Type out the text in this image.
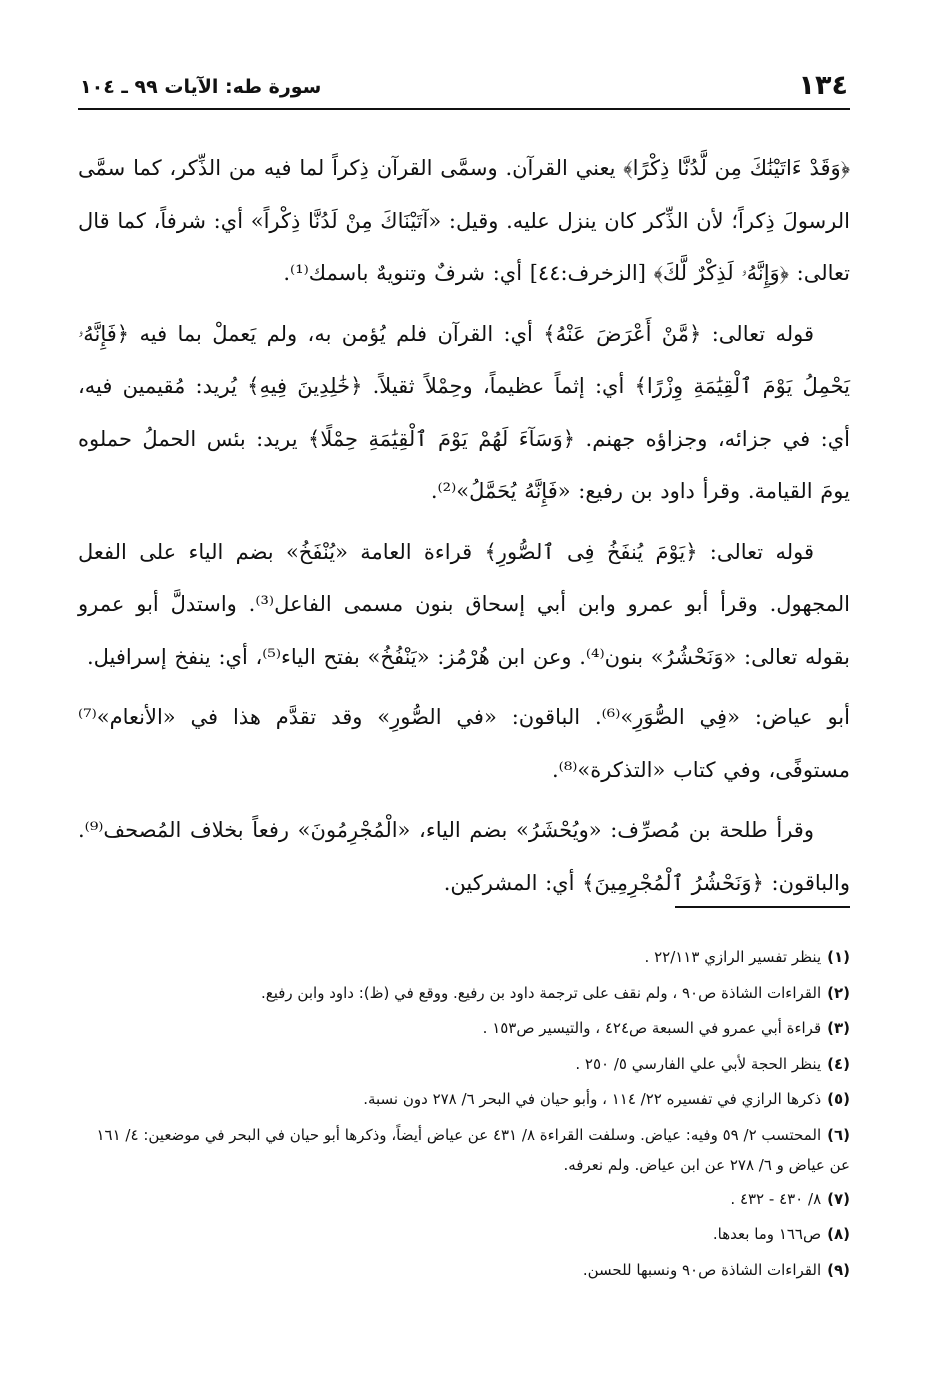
١٣٤
سورة طه: الآيات ٩٩ ـ ١٠٤

﴿وَقَدْ ءَاتَيْنَٰكَ مِن لَّدُنَّا ذِكْرًا﴾ يعني القرآن. وسمَّى القرآن ذِكراً لما فيه من الذِّكر، كما سمَّى الرسولَ ذِكراً؛ لأن الذِّكر كان ينزل عليه. وقيل: «آتَيْنَاكَ مِنْ لَدُنَّا ذِكْراً» أي: شرفاً، كما قال تعالى: ﴿وَإِنَّهُۥ لَذِكْرٌ لَّكَ﴾ [الزخرف:٤٤] أي: شرفٌ وتنويهٌ باسمك⁽¹⁾.

قوله تعالى: ﴿مَّنْ أَعْرَضَ عَنْهُ﴾ أي: القرآن فلم يُؤمن به، ولم يَعملْ بما فيه ﴿فَإِنَّهُۥ يَحْمِلُ يَوْمَ ٱلْقِيَٰمَةِ وِزْرًا﴾ أي: إثماً عظيماً، وحِمْلاً ثقيلاً. ﴿خَٰلِدِينَ فِيهِ﴾ يُريد: مُقيمين فيه، أي: في جزائه، وجزاؤه جهنم. ﴿وَسَآءَ لَهُمْ يَوْمَ ٱلْقِيَٰمَةِ حِمْلًا﴾ يريد: بئس الحملُ حملوه يومَ القيامة. وقرأ داود بن رفيع: «فَإِنَّهُ يُحَمَّلُ»⁽²⁾.

قوله تعالى: ﴿يَوْمَ يُنفَخُ فِى ٱلصُّورِ﴾ قراءة العامة «يُنْفَخُ» بضم الياء على الفعل المجهول. وقرأ أبو عمرو وابن أبي إسحاق بنون مسمى الفاعل⁽³⁾. واستدلَّ أبو عمرو بقوله تعالى: «وَنَحْشُرُ» بنون⁽⁴⁾. وعن ابن هُرْمُز: «يَنْفُخُ» بفتح الياء⁽⁵⁾، أي: ينفخ إسرافيل.

أبو عياض: «فِي الصُّوَرِ»⁽⁶⁾. الباقون: «في الصُّورِ» وقد تقدَّم هذا في «الأنعام»⁽⁷⁾ مستوفًى، وفي كتاب «التذكرة»⁽⁸⁾.

وقرأ طلحة بن مُصرِّف: «ويُحْشَرُ» بضم الياء، «الْمُجْرِمُونَ» رفعاً بخلاف المُصحف⁽⁹⁾. والباقون: ﴿وَنَحْشُرُ ٱلْمُجْرِمِينَ﴾ أي: المشركين.

(١)ينظر تفسير الرازي ٢٢/١١٣ .
(٢)القراءات الشاذة ص٩٠ ، ولم نقف على ترجمة داود بن رفيع. ووقع في (ظ): داود وابن رفيع.
(٣)قراءة أبي عمرو في السبعة ص٤٢٤ ، والتيسير ص١٥٣ .
(٤)ينظر الحجة لأبي علي الفارسي ٥/ ٢٥٠ .
(٥)ذكرها الرازي في تفسيره ٢٢/ ١١٤ ، وأبو حيان في البحر ٦/ ٢٧٨ دون نسبة.
(٦)المحتسب ٢/ ٥٩ وفيه: عياض. وسلفت القراءة ٨/ ٤٣١ عن عياض أيضاً، وذكرها أبو حيان في البحر في موضعين: ٤/ ١٦١ عن عياض و ٦/ ٢٧٨ عن ابن عياض. ولم نعرفه.
(٧)٨/ ٤٣٠ - ٤٣٢ .
(٨)ص١٦٦ وما بعدها.
(٩)القراءات الشاذة ص٩٠ ونسبها للحسن.
